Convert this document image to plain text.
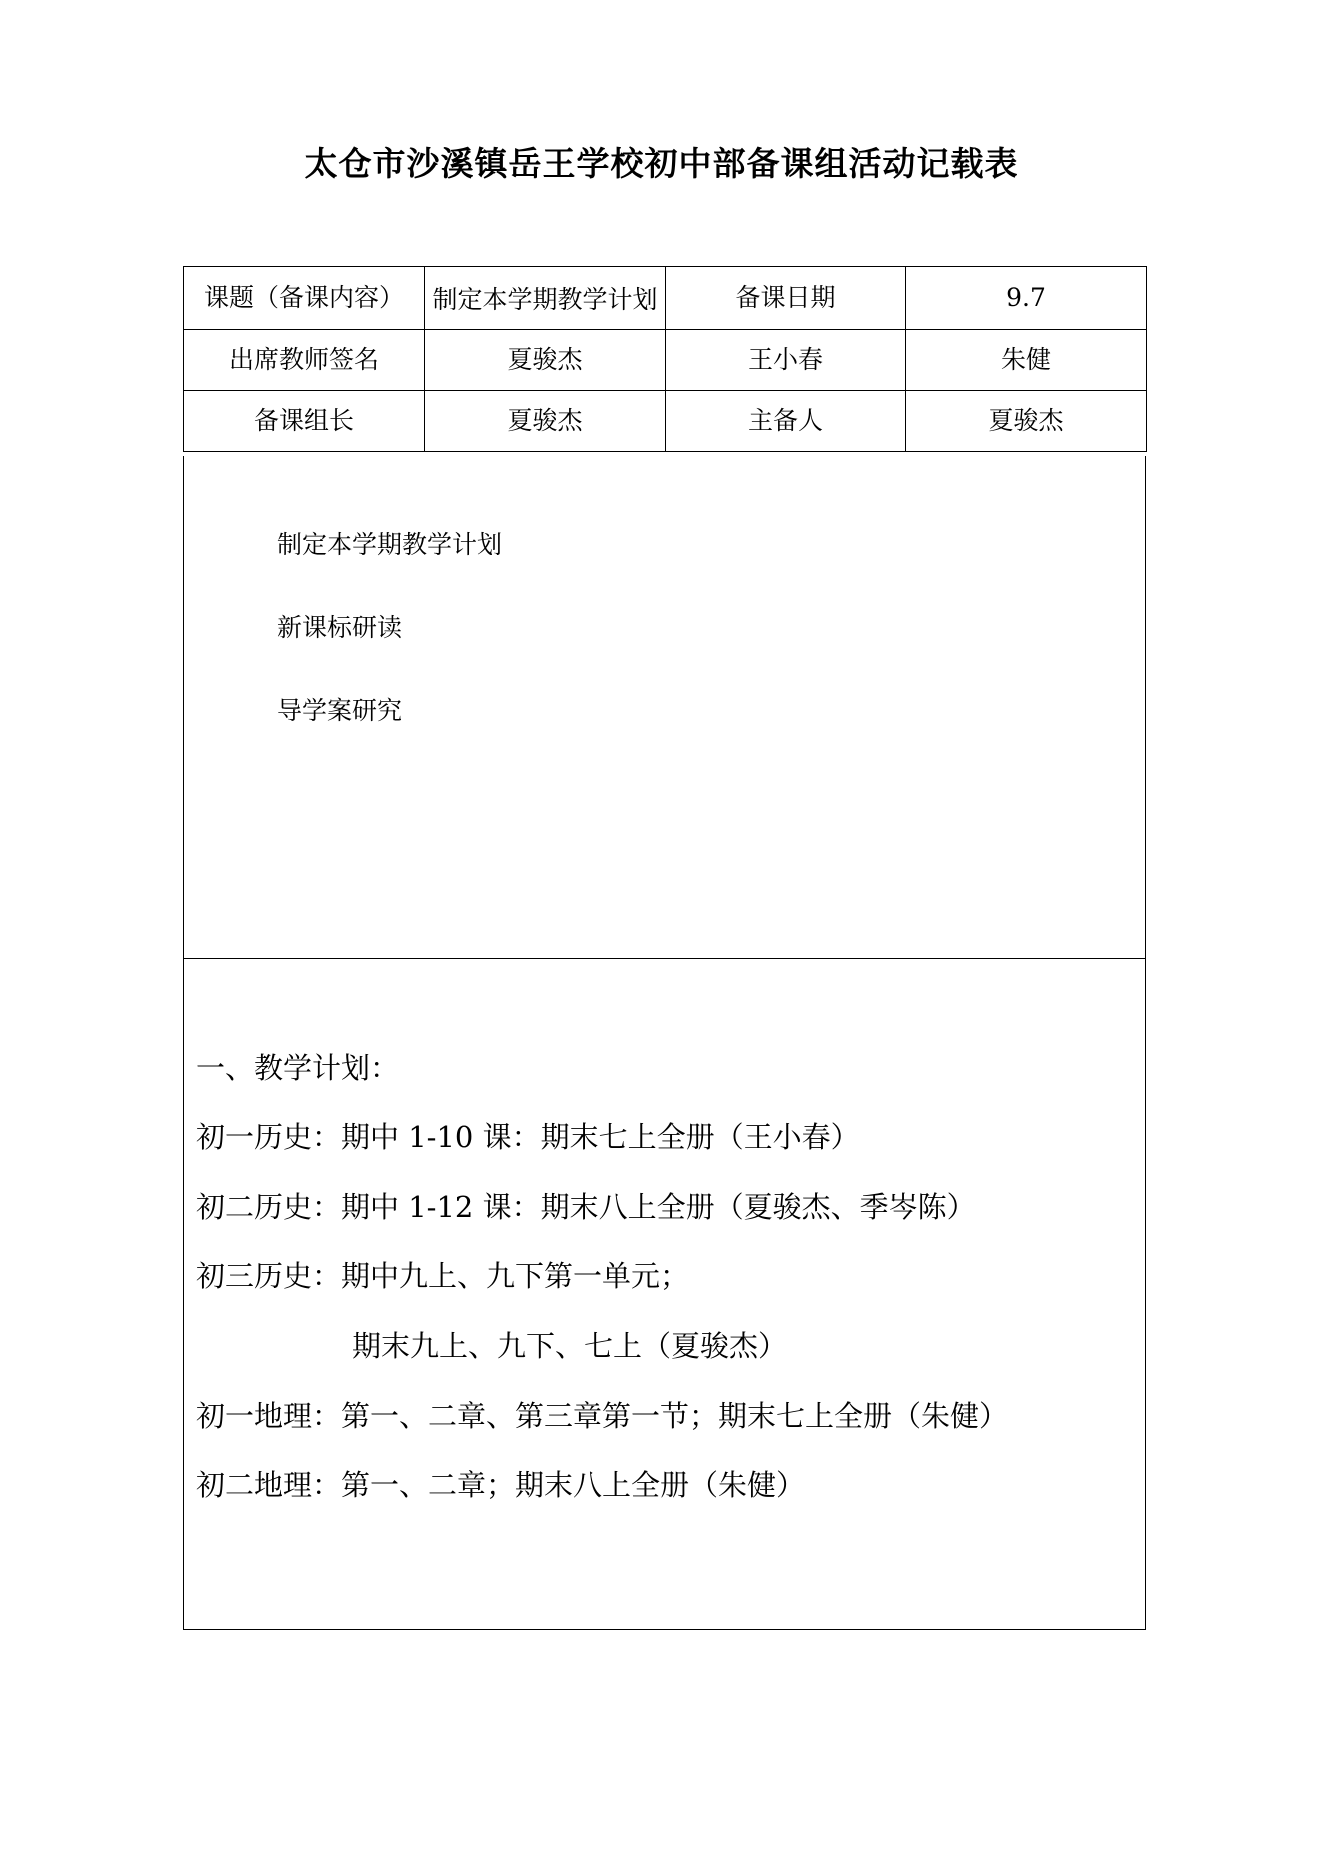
太仓市沙溪镇岳王学校初中部备课组活动记载表
课题（备课内容）	制定本学期教学计划	备课日期	9.7
出席教师签名	夏骏杰	王小春	朱健
备课组长	夏骏杰	主备人	夏骏杰
制定本学期教学计划
新课标研读
导学案研究
一、教学计划：
初一历史：期中 1-10 课：期末七上全册（王小春）
初二历史：期中 1-12 课：期末八上全册（夏骏杰、季岑陈）
初三历史：期中九上、九下第一单元；
期末九上、九下、七上（夏骏杰）
初一地理：第一、二章、第三章第一节；期末七上全册（朱健）
初二地理：第一、二章；期末八上全册（朱健）
